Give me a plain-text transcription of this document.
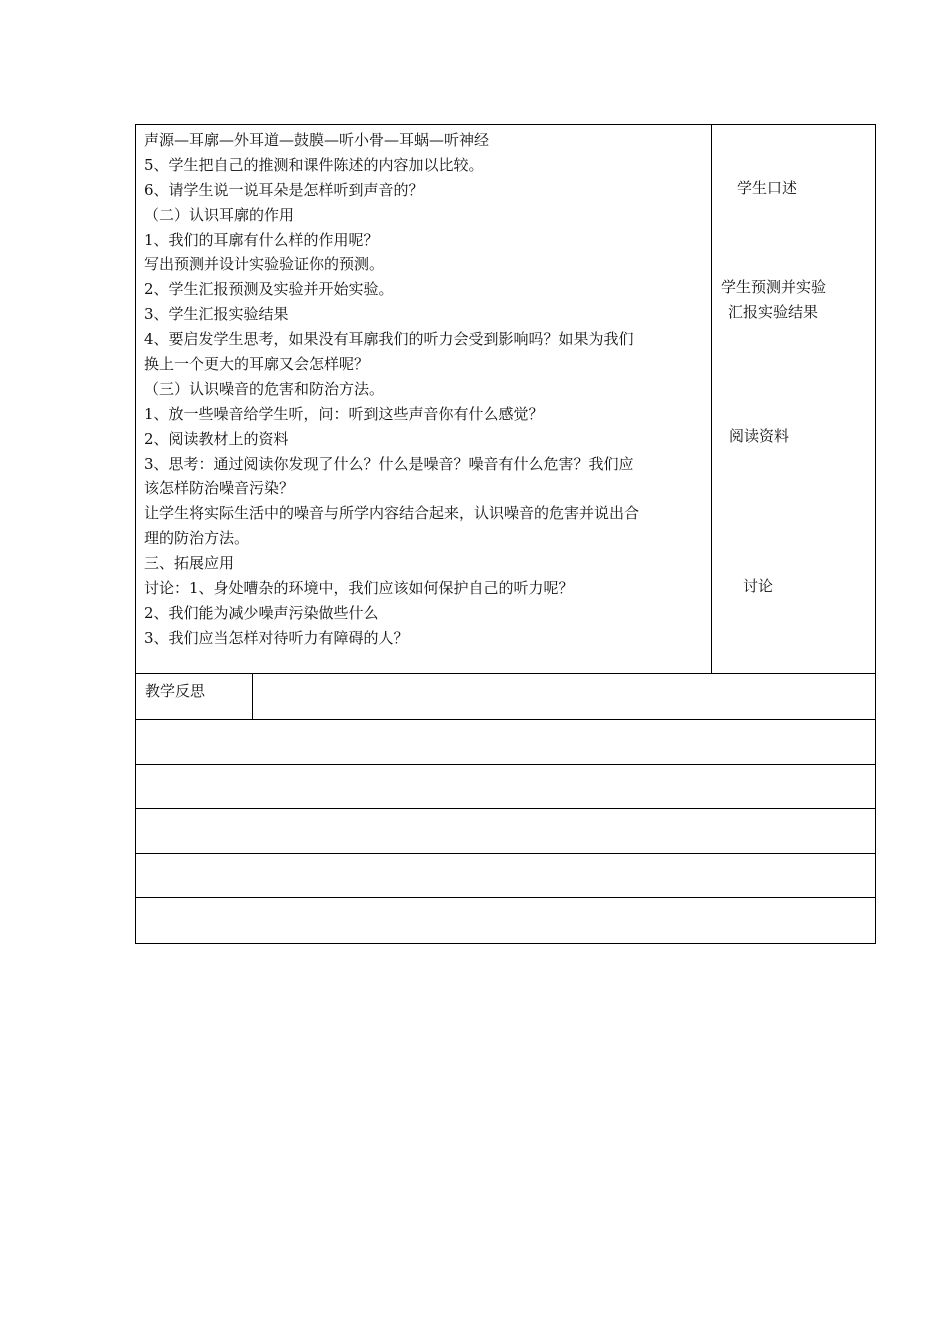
声源—耳廓—外耳道—鼓膜—听小骨—耳蜗—听神经
5、学生把自己的推测和课件陈述的内容加以比较。
6、请学生说一说耳朵是怎样听到声音的？
（二）认识耳廓的作用
1、我们的耳廓有什么样的作用呢？
写出预测并设计实验验证你的预测。
2、学生汇报预测及实验并开始实验。
3、学生汇报实验结果
4、要启发学生思考，如果没有耳廓我们的听力会受到影响吗？如果为我们
换上一个更大的耳廓又会怎样呢？
（三）认识噪音的危害和防治方法。
1、放一些噪音给学生听，问：听到这些声音你有什么感觉？
2、阅读教材上的资料
3、思考：通过阅读你发现了什么？什么是噪音？噪音有什么危害？我们应
该怎样防治噪音污染？
让学生将实际生活中的噪音与所学内容结合起来，认识噪音的危害并说出合
理的防治方法。
三、拓展应用
讨论：1、身处嘈杂的环境中，我们应该如何保护自己的听力呢？
2、我们能为减少噪声污染做些什么
3、我们应当怎样对待听力有障碍的人？
学生口述
学生预测并实验
汇报实验结果
阅读资料
讨论
教学反思
